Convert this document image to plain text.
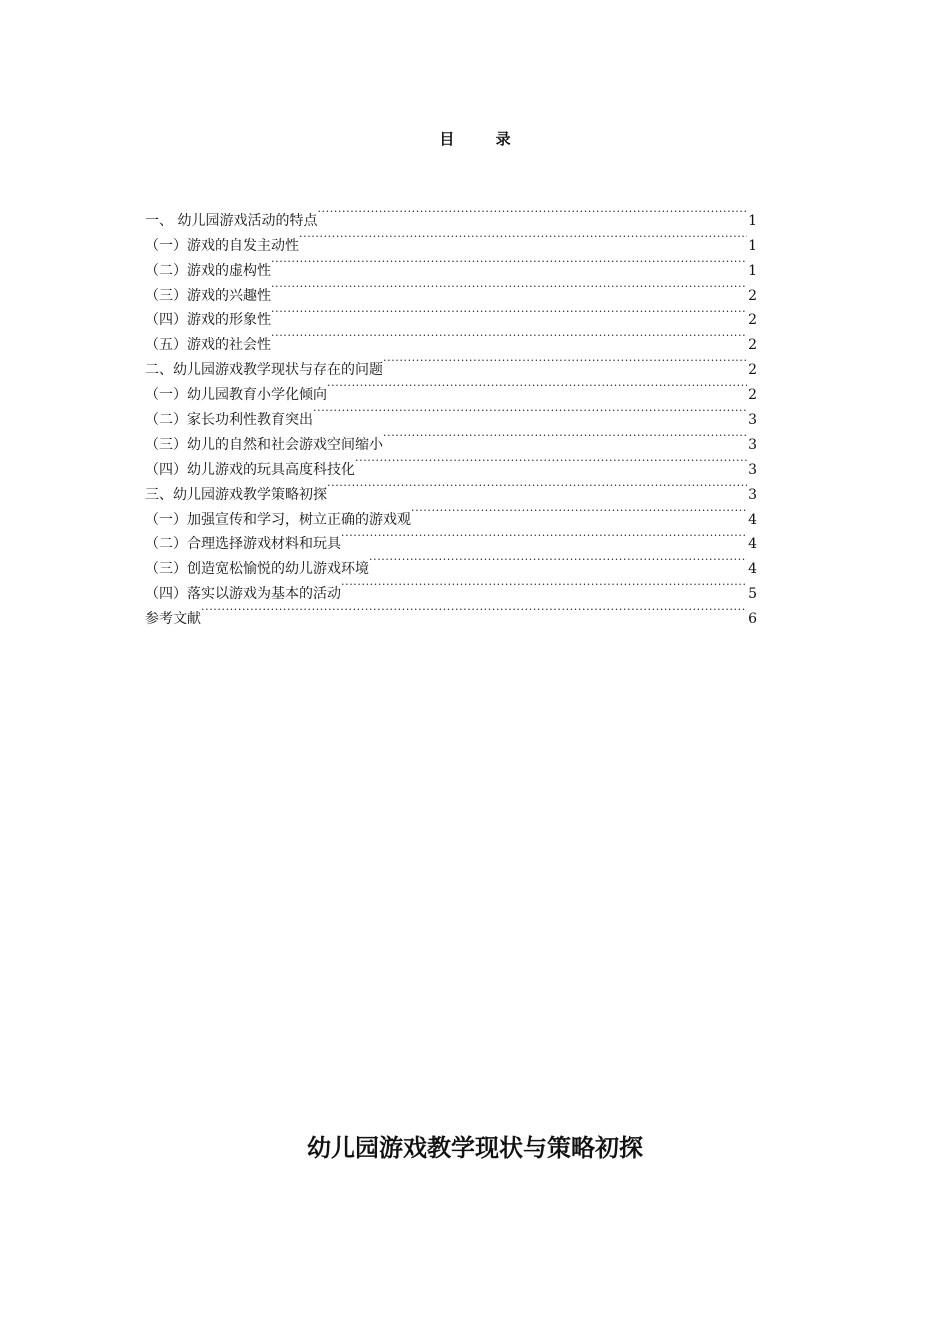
目 录
一、 幼儿园游戏活动的特点 ·····	1
（一）游戏的自发主动性 ·····	1
（二）游戏的虚构性 ·····	1
（三）游戏的兴趣性 ·····	2
（四）游戏的形象性 ·····	2
（五）游戏的社会性 ·····	2
二、幼儿园游戏教学现状与存在的问题 ·····	2
（一）幼儿园教育小学化倾向 ·····	2
（二）家长功利性教育突出 ·····	3
（三）幼儿的自然和社会游戏空间缩小 ·····	3
（四）幼儿游戏的玩具高度科技化 ·····	3
三、幼儿园游戏教学策略初探 ·····	3
（一）加强宣传和学习，树立正确的游戏观 ·····	4
（二）合理选择游戏材料和玩具 ·····	4
（三）创造宽松愉悦的幼儿游戏环境 ·····	4
（四）落实以游戏为基本的活动 ·····	5
参考文献 ·····	6
幼儿园游戏教学现状与策略初探
